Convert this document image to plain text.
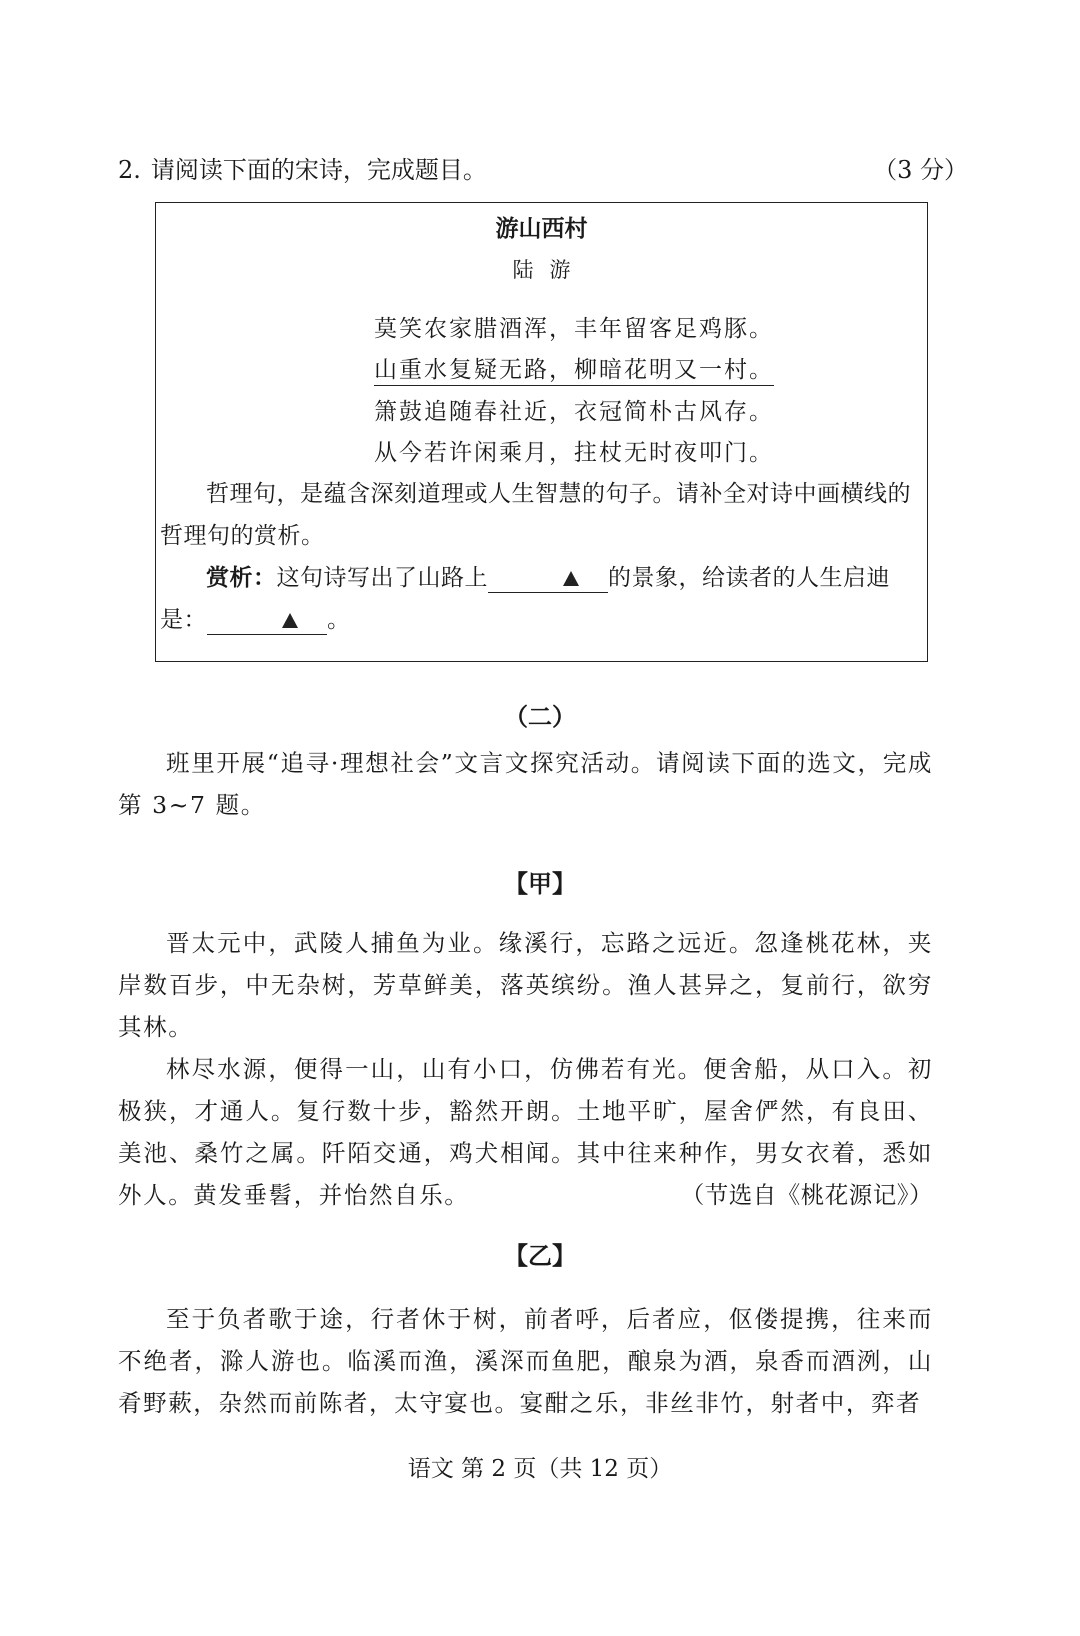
2. 请阅读下面的宋诗，完成题目。	（3 分）
游山西村
陆游
莫笑农家腊酒浑，丰年留客足鸡豚。
山重水复疑无路，柳暗花明又一村。
箫鼓追随春社近，衣冠简朴古风存。
从今若许闲乘月，拄杖无时夜叩门。

哲理句，是蕴含深刻道理或人生智慧的句子。请补全对诗中画横线的哲理句的赏析。

赏析：这句诗写出了山路上	的景象，给读者的人生启迪是：	。

（二）

班里开展“追寻·理想社会”文言文探究活动。请阅读下面的选文，完成第 3~7 题。

【甲】

晋太元中，武陵人捕鱼为业。缘溪行，忘路之远近。忽逢桃花林，夹岸数百步，中无杂树，芳草鲜美，落英缤纷。渔人甚异之，复前行，欲穷其林。

林尽水源，便得一山，山有小口，仿佛若有光。便舍船，从口入。初极狭，才通人。复行数十步，豁然开朗。土地平旷，屋舍俨然，有良田、美池、桑竹之属。阡陌交通，鸡犬相闻。其中往来种作，男女衣着，悉如外人。黄发垂髫，并怡然自乐。	（节选自《桃花源记》）

【乙】

至于负者歌于途，行者休于树，前者呼，后者应，伛偻提携，往来而不绝者，滁人游也。临溪而渔，溪深而鱼肥，酿泉为酒，泉香而酒洌，山肴野蔌，杂然而前陈者，太守宴也。宴酣之乐，非丝非竹，射者中，弈者

语文 第 2 页（共 12 页）
